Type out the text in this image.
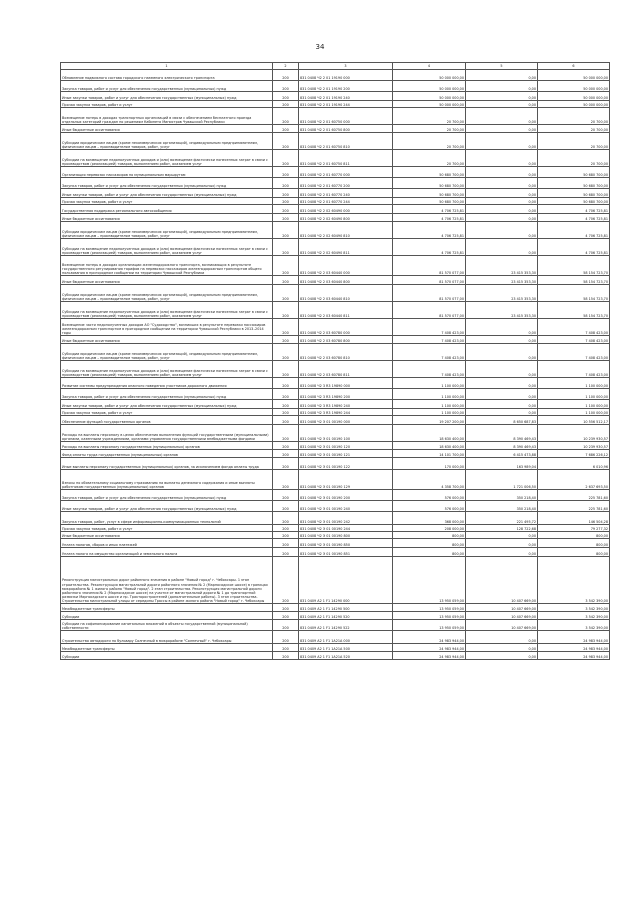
34
1	2	3	4	5	6
Обновление подвижного состава городского наземного электрического транспорта	200	831 0408 Ч2 2 01 19190 000	50 000 000,00	0,00	50 000 000,00
Закупка товаров, работ и услуг для обеспечения государственных (муниципальных) нужд	200	831 0408 Ч2 2 01 19190 200	50 000 000,00	0,00	50 000 000,00
Иные закупки товаров, работ и услуг для обеспечения государственных (муниципальных) нужд	200	831 0408 Ч2 2 01 19190 240	50 000 000,00	0,00	50 000 000,00
Прочая закупка товаров, работ и услуг	200	831 0408 Ч2 2 01 19190 244	50 000 000,00	0,00	50 000 000,00
Возмещение потерь в доходах транспортных организаций в связи с обеспечением бесплатного проезда отдельных категорий граждан по решениям Кабинета Министров Чувашской Республики	200	831 0408 Ч2 2 01 60750 000	20 700,00	0,00	20 700,00
Иные бюджетные ассигнования	200	831 0408 Ч2 2 01 60750 800	20 700,00	0,00	20 700,00
Субсидии юридическим лицам (кроме некоммерческих организаций), индивидуальным предпринимателям, физическим лицам – производителям товаров, работ, услуг	200	831 0408 Ч2 2 01 60750 810	20 700,00	0,00	20 700,00
Субсидии на возмещение недополученных доходов и (или) возмещение фактически понесенных затрат в связи с производством (реализацией) товаров, выполнением работ, оказанием услуг	200	831 0408 Ч2 2 01 60750 811	20 700,00	0,00	20 700,00
Организация перевозок пассажиров по муниципальным маршрутам	200	831 0408 Ч2 2 01 60770 000	50 680 700,00	0,00	50 680 700,00
Закупка товаров, работ и услуг для обеспечения государственных (муниципальных) нужд	200	831 0408 Ч2 2 01 60770 200	50 680 700,00	0,00	50 680 700,00
Иные закупки товаров, работ и услуг для обеспечения государственных (муниципальных) нужд	200	831 0408 Ч2 2 01 60770 240	50 680 700,00	0,00	50 680 700,00
Прочая закупка товаров, работ и услуг	200	831 0408 Ч2 2 01 60770 244	50 680 700,00	0,00	50 680 700,00
Государственная поддержка регионального автосообщения	200	831 0408 Ч2 2 02 60490 000	4 706 725,81	0,00	4 706 725,81
Иные бюджетные ассигнования	200	831 0408 Ч2 2 02 60490 800	4 706 725,81	0,00	4 706 725,81
Субсидии юридическим лицам (кроме некоммерческих организаций), индивидуальным предпринимателям, физическим лицам – производителям товаров, работ, услуг	200	831 0408 Ч2 2 02 60490 810	4 706 725,81	0,00	4 706 725,81
Субсидии на возмещение недополученных доходов и (или) возмещение фактически понесенных затрат в связи с производством (реализацией) товаров, выполнением работ, оказанием услуг	200	831 0408 Ч2 2 02 60490 811	4 706 725,81	0,00	4 706 725,81
Возмещение потерь в доходах организации железнодорожного транспорта, возникающих в результате государственного регулирования тарифов на перевозки пассажиров железнодорожным транспортом общего пользования в пригородном сообщении на территории Чувашской Республики	200	831 0408 Ч2 2 03 60440 000	81 570 077,00	23 415 353,30	58 154 723,70
Иные бюджетные ассигнования	200	831 0408 Ч2 2 03 60440 800	81 570 077,00	23 415 353,30	58 154 723,70
Субсидии юридическим лицам (кроме некоммерческих организаций), индивидуальным предпринимателям, физическим лицам – производителям товаров, работ, услуг	200	831 0408 Ч2 2 03 60440 810	81 570 077,00	23 415 353,30	58 154 723,70
Субсидии на возмещение недополученных доходов и (или) возмещение фактически понесенных затрат в связи с производством (реализацией) товаров, выполнением работ, оказанием услуг	200	831 0408 Ч2 2 03 60440 811	81 570 077,00	23 415 353,30	58 154 723,70
Возмещение части недополученных доходов АО "Судоходство", возникших в результате перевозки пассажиров железнодорожным транспортом в пригородном сообщении на территории Чувашской Республики в 2013–2014 годы	200	831 0408 Ч2 2 03 60780 000	7 408 423,00	0,00	7 408 423,00
Иные бюджетные ассигнования	200	831 0408 Ч2 2 03 60780 800	7 408 423,00	0,00	7 408 423,00
Субсидии юридическим лицам (кроме некоммерческих организаций), индивидуальным предпринимателям, физическим лицам – производителям товаров, работ, услуг	200	831 0408 Ч2 2 03 60780 810	7 408 423,00	0,00	7 408 423,00
Субсидии на возмещение недополученных доходов и (или) возмещение фактически понесенных затрат в связи с производством (реализацией) товаров, выполнением работ, оказанием услуг	200	831 0408 Ч2 2 03 60780 811	7 408 423,00	0,00	7 408 423,00
Развитие системы предупреждения опасного поведения участников дорожного движения	200	831 0408 Ч2 3 R3 19890 000	1 100 000,00	0,00	1 100 000,00
Закупка товаров, работ и услуг для обеспечения государственных (муниципальных) нужд	200	831 0408 Ч2 3 R3 19890 200	1 100 000,00	0,00	1 100 000,00
Иные закупки товаров, работ и услуг для обеспечения государственных (муниципальных) нужд	200	831 0408 Ч2 3 R3 19890 240	1 100 000,00	0,00	1 100 000,00
Прочая закупка товаров, работ и услуг	200	831 0408 Ч2 3 R3 19890 244	1 100 000,00	0,00	1 100 000,00
Обеспечение функций государственных органов	200	831 0408 Ч2 Э 01 00190 000	19 207 200,00	8 650 687,83	10 556 512,17
Расходы на выплаты персоналу в целях обеспечения выполнения функций государственными (муниципальными) органами, казенными учреждениями, органами управления государственными внебюджетными фондами	200	831 0408 Ч2 Э 01 00190 100	18 630 400,00	8 390 469,43	10 239 930,57
Расходы на выплаты персоналу государственных (муниципальных) органов	200	831 0408 Ч2 Э 01 00190 120	18 630 400,00	8 390 469,43	10 239 930,57
Фонд оплаты труда государственных (муниципальных) органов	200	831 0408 Ч2 Э 01 00190 121	14 101 700,00	6 415 473,88	7 686 226,12
Иные выплаты персоналу государственных (муниципальных) органов, за исключением фонда оплаты труда	200	831 0408 Ч2 Э 01 00190 122	170 000,00	163 989,04	6 010,96
Взносы по обязательному социальному страхованию на выплаты денежного содержания и иные выплаты работникам государственных (муниципальных) органов	200	831 0408 Ч2 Э 01 00190 129	4 358 700,00	1 721 006,50	2 637 693,50
Закупка товаров, работ и услуг для обеспечения государственных (муниципальных) нужд	200	831 0408 Ч2 Э 01 00190 200	576 000,00	350 218,40	225 781,60
Иные закупки товаров, работ и услуг для обеспечения государственных (муниципальных) нужд	200	831 0408 Ч2 Э 01 00190 240	576 000,00	350 218,40	225 781,60
Закупка товаров, работ, услуг в сфере информационно-коммуникационных технологий	200	831 0408 Ч2 Э 01 00190 242	368 000,00	221 495,72	146 504,28
Прочая закупка товаров, работ и услуг	200	831 0408 Ч2 Э 01 00190 244	208 000,00	128 722,68	79 277,32
Иные бюджетные ассигнования	200	831 0408 Ч2 Э 01 00190 800	800,00	0,00	800,00
Уплата налогов, сборов и иных платежей	200	831 0408 Ч2 Э 01 00190 850	800,00	0,00	800,00
Уплата налога на имущество организаций и земельного налога	200	831 0408 Ч2 Э 01 00190 851	800,00	0,00	800,00
Реконструкция магистральных дорог районного значения в районе "Новый город" г. Чебоксары. 1 этап строительства. Реконструкция магистральной дороги районного значения № 2 (Марпосадское шоссе) в границах микрорайона № 1 жилого района "Новый город". 2 этап строительства. Реконструкция магистральной дороги районного значения № 2 (Марпосадское шоссе) на участке от магистральной дороги № 1 до транспортной развязки Марпосадского шоссе и пр. Тракторостроителей (дополнительные работы). 3 этап строительства. Строительство магистральной улицы от середины Трассы в районе жилого района "Новый город" г. Чебоксары	200	831 0409 А2 1 F1 14290 000	13 950 059,00	10 407 669,00	3 542 390,00
Межбюджетные трансферты	200	831 0409 А2 1 F1 14290 500	13 950 059,00	10 407 669,00	3 542 390,00
Субсидии	200	831 0409 А2 1 F1 14290 520	13 950 059,00	10 407 669,00	3 542 390,00
Субсидии на софинансирование капитальных вложений в объекты государственной (муниципальной) собственности	200	831 0409 А2 1 F1 14290 522	13 950 059,00	10 407 669,00	3 542 390,00
Строительство автодороги по бульвару Солнечный в микрорайоне "Солнечный" г. Чебоксары	200	831 0409 А2 1 F1 1А21А 000	24 983 944,00	0,00	24 983 944,00
Межбюджетные трансферты	200	831 0409 А2 1 F1 1А21А 500	24 983 944,00	0,00	24 983 944,00
Субсидии	200	831 0409 А2 1 F1 1А21А 520	24 983 944,00	0,00	24 983 944,00
